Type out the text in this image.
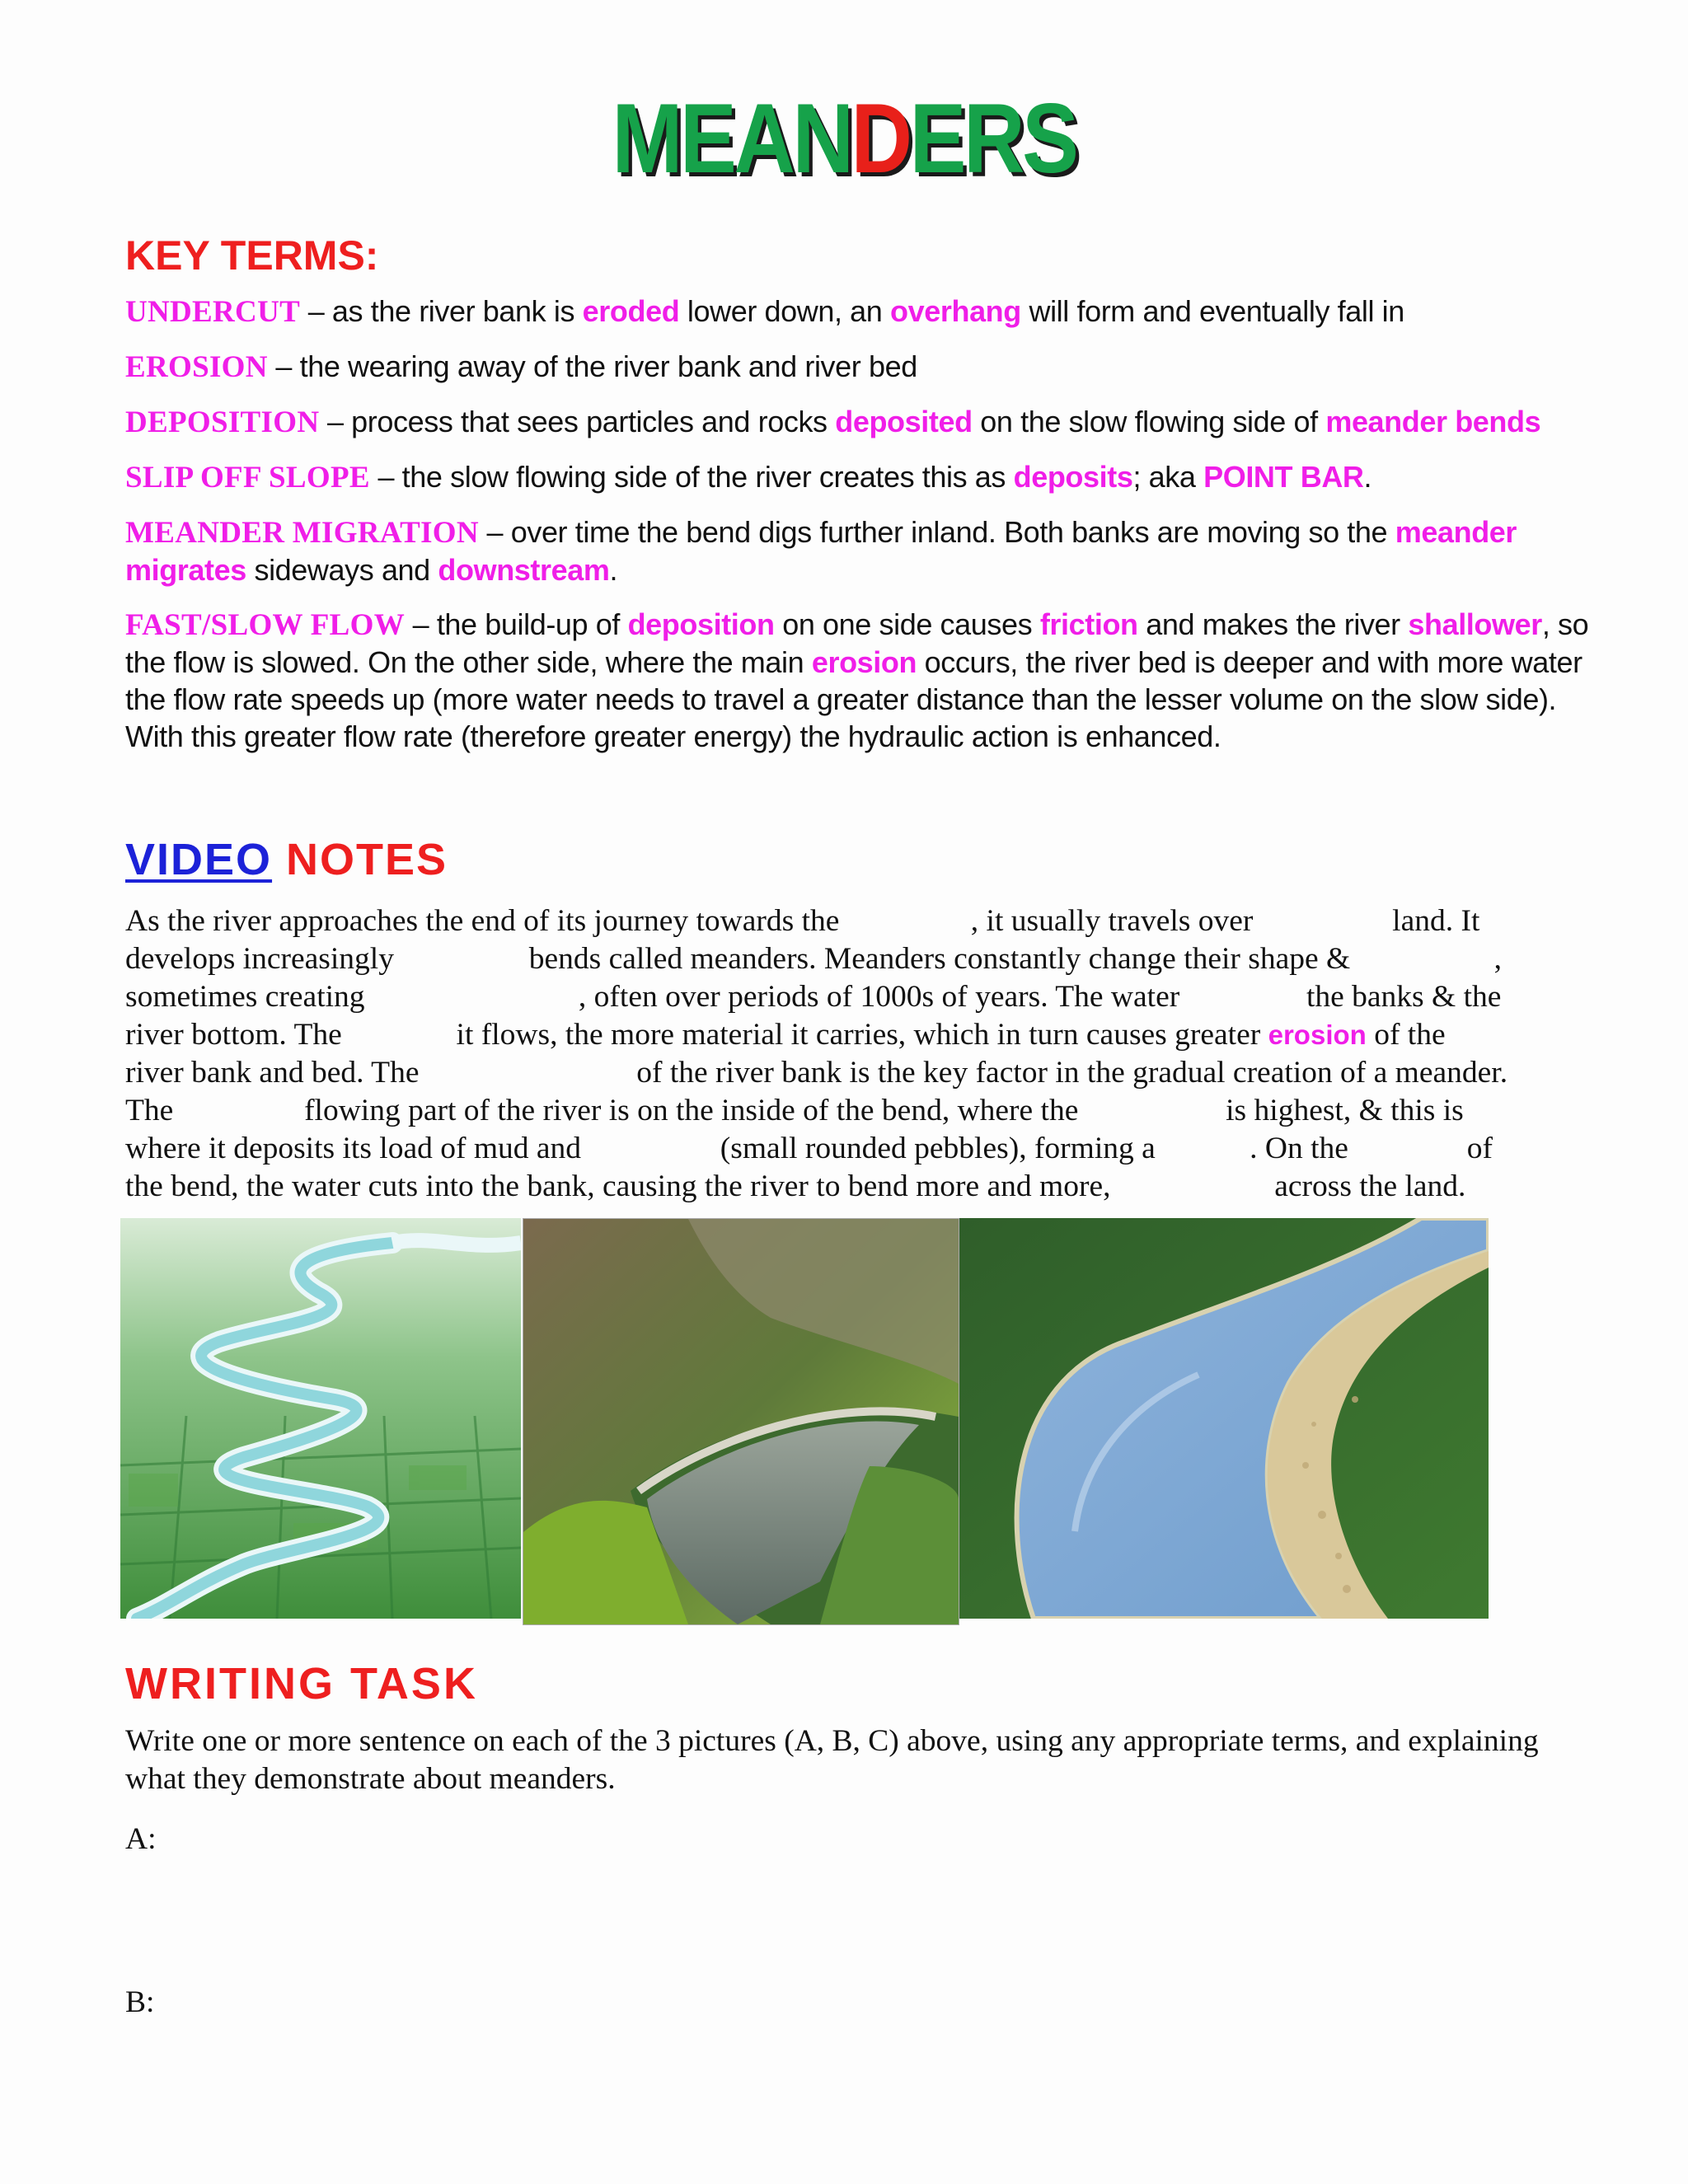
MEANDERS
KEY TERMS:
UNDERCUT – as the river bank is eroded lower down, an overhang will form and eventually fall in
EROSION – the wearing away of the river bank and river bed
DEPOSITION – process that sees particles and rocks deposited on the slow flowing side of meander bends
SLIP OFF SLOPE – the slow flowing side of the river creates this as deposits; aka POINT BAR.
MEANDER MIGRATION – over time the bend digs further inland. Both banks are moving so the meander migrates sideways and downstream.
FAST/SLOW FLOW – the build-up of deposition on one side causes friction and makes the river shallower, so the flow is slowed. On the other side, where the main erosion occurs, the river bed is deeper and with more water the flow rate speeds up (more water needs to travel a greater distance than the lesser volume on the slow side). With this greater flow rate (therefore greater energy) the hydraulic action is enhanced.
VIDEO NOTES
As the river approaches the end of its journey towards the	, it usually travels over	land. It
develops increasingly	bends called meanders. Meanders constantly change their shape &	,
sometimes creating	, often over periods of 1000s of years. The water	the banks & the
river bottom. The	it flows, the more material it carries, which in turn causes greater erosion of the
river bank and bed. The	of the river bank is the key factor in the gradual creation of a meander.
The	flowing part of the river is on the inside of the bend, where the	is highest, & this is
where it deposits its load of mud and	(small rounded pebbles), forming a	. On the	of
the bend, the water cuts into the bank, causing the river to bend more and more,	across the land.
WRITING TASK
Write one or more sentence on each of the 3 pictures (A, B, C) above, using any appropriate terms, and explaining what they demonstrate about meanders.
A:
B:
